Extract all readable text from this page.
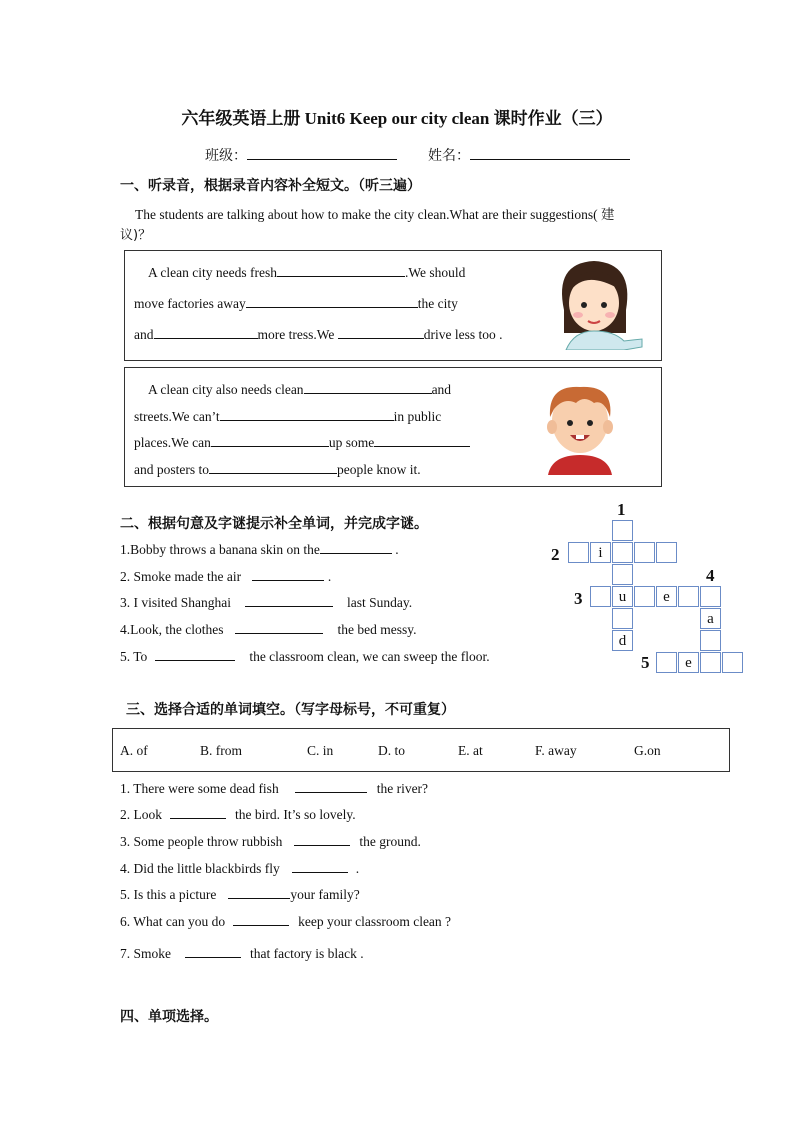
六年级英语上册 Unit6 Keep our city clean 课时作业（三）
班级：	姓名：
一、听录音，根据录音内容补全短文。（听三遍）
The students are talking about how to make the city clean.What are their suggestions( 建
议)？
A clean city needs fresh	.We should
move factories away	the city
and	more tress.We	drive less too .
A clean city also needs clean	and
streets.We can’t	in public
places.We can	up some
and posters to	people know it.
二、根据句意及字谜提示补全单词，并完成字谜。
1.Bobby throws a banana skin on the	.
2. Smoke made the air	.
3. I visited Shanghai	last Sunday.
4.Look, the clothes	the bed messy.
5. To	the classroom clean, we can sweep the floor.
1
2
3
4
5
d
i
u	e
a
e
三、选择合适的单词填空。（写字母标号，不可重复）
A. of	B. from	C. in	D. to	E. at	F. away	G.on
1. There were some dead fish	the river?
2. Look	the bird. It’s so lovely.
3. Some people throw rubbish	the ground.
4. Did the little blackbirds fly	.
5. Is this a picture	your family?
6. What can you do	keep your classroom clean ?
7. Smoke	that factory is black .
四、单项选择。
